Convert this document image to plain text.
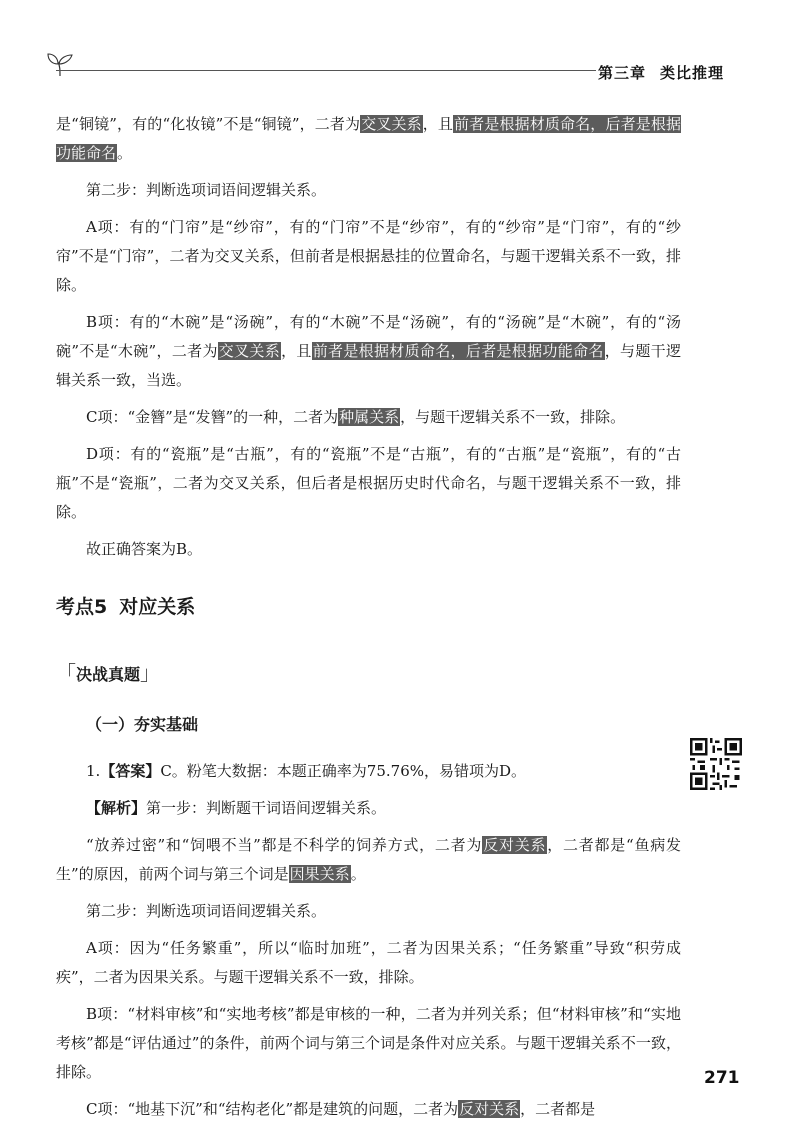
第三章 类比推理

是“铜镜”，有的“化妆镜”不是“铜镜”，二者为交叉关系，且前者是根据材质命名，后者是根据功能命名。

第二步：判断选项词语间逻辑关系。

A项：有的“门帘”是“纱帘”，有的“门帘”不是“纱帘”，有的“纱帘”是“门帘”，有的“纱帘”不是“门帘”，二者为交叉关系，但前者是根据悬挂的位置命名，与题干逻辑关系不一致，排除。

B项：有的“木碗”是“汤碗”，有的“木碗”不是“汤碗”，有的“汤碗”是“木碗”，有的“汤碗”不是“木碗”，二者为交叉关系，且前者是根据材质命名，后者是根据功能命名，与题干逻辑关系一致，当选。

C项：“金簪”是“发簪”的一种，二者为种属关系，与题干逻辑关系不一致，排除。

D项：有的“瓷瓶”是“古瓶”，有的“瓷瓶”不是“古瓶”，有的“古瓶”是“瓷瓶”，有的“古瓶”不是“瓷瓶”，二者为交叉关系，但后者是根据历史时代命名，与题干逻辑关系不一致，排除。

故正确答案为B。

考点5 对应关系
「决战真题」
（一）夯实基础

1.【答案】C。粉笔大数据：本题正确率为75.76%，易错项为D。

【解析】第一步：判断题干词语间逻辑关系。

“放养过密”和“饲喂不当”都是不科学的饲养方式，二者为反对关系，二者都是“鱼病发生”的原因，前两个词与第三个词是因果关系。

第二步：判断选项词语间逻辑关系。

A项：因为“任务繁重”，所以“临时加班”，二者为因果关系；“任务繁重”导致“积劳成疾”，二者为因果关系。与题干逻辑关系不一致，排除。

B项：“材料审核”和“实地考核”都是审核的一种，二者为并列关系；但“材料审核”和“实地考核”都是“评估通过”的条件，前两个词与第三个词是条件对应关系。与题干逻辑关系不一致，排除。

C项：“地基下沉”和“结构老化”都是建筑的问题，二者为反对关系，二者都是

271
